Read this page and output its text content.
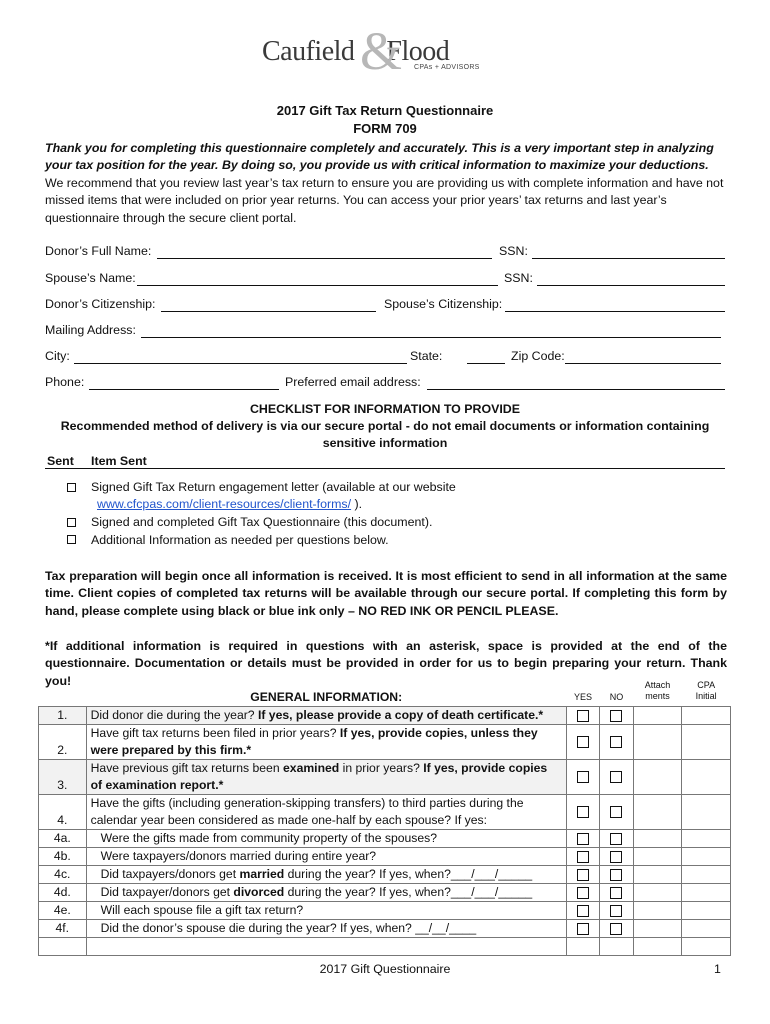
Caufield Flood
& CPAs + ADVISORS
2017 Gift Tax Return Questionnaire
FORM 709
Thank you for completing this questionnaire completely and accurately. This is a very important step in analyzing your tax position for the year. By doing so, you provide us with critical information to maximize your deductions. We recommend that you review last year’s tax return to ensure you are providing us with complete information and have not missed items that were included on prior year returns. You can access your prior years’ tax returns and last year’s questionnaire through the secure client portal.
Donor’s Full Name:	SSN:
Spouse’s Name:	SSN:
Donor’s Citizenship:	Spouse’s Citizenship:
Mailing Address:
City:	State:	Zip Code:
Phone:	Preferred email address:
CHECKLIST FOR INFORMATION TO PROVIDE
Recommended method of delivery is via our secure portal - do not email documents or information containing
sensitive information
Sent Item Sent
Signed Gift Tax Return engagement letter (available at our website
www.cfcpas.com/client-resources/client-forms/ ).
Signed and completed Gift Tax Questionnaire (this document).
Additional Information as needed per questions below.
Tax preparation will begin once all information is received. It is most efficient to send in all information at the same time. Client copies of completed tax returns will be available through our secure portal. If completing this form by hand, please complete using black or blue ink only – NO RED INK OR PENCIL PLEASE.
*If additional information is required in questions with an asterisk, space is provided at the end of the questionnaire. Documentation or details must be provided in order for us to begin preparing your return. Thank you!
	GENERAL INFORMATION:	YES	NO	Attach
ments	CPA
Initial
1.	Did donor die during the year? If yes, please provide a copy of death certificate.*				
2.	Have gift tax returns been filed in prior years? If yes, provide copies, unless they were prepared by this firm.*				
3.	Have previous gift tax returns been examined in prior years? If yes, provide copies of examination report.*				
4.	Have the gifts (including generation-skipping transfers) to third parties during the calendar year been considered as made one-half by each spouse? If yes:				
4a.	Were the gifts made from community property of the spouses?				
4b.	Were taxpayers/donors married during entire year?				
4c.	Did taxpayers/donors get married during the year? If yes, when?___/___/_____				
4d.	Did taxpayer/donors get divorced during the year? If yes, when?___/___/_____				
4e.	Will each spouse file a gift tax return?				
4f.	Did the donor’s spouse die during the year? If yes, when? __/__/____				

2017 Gift Questionnaire	1
